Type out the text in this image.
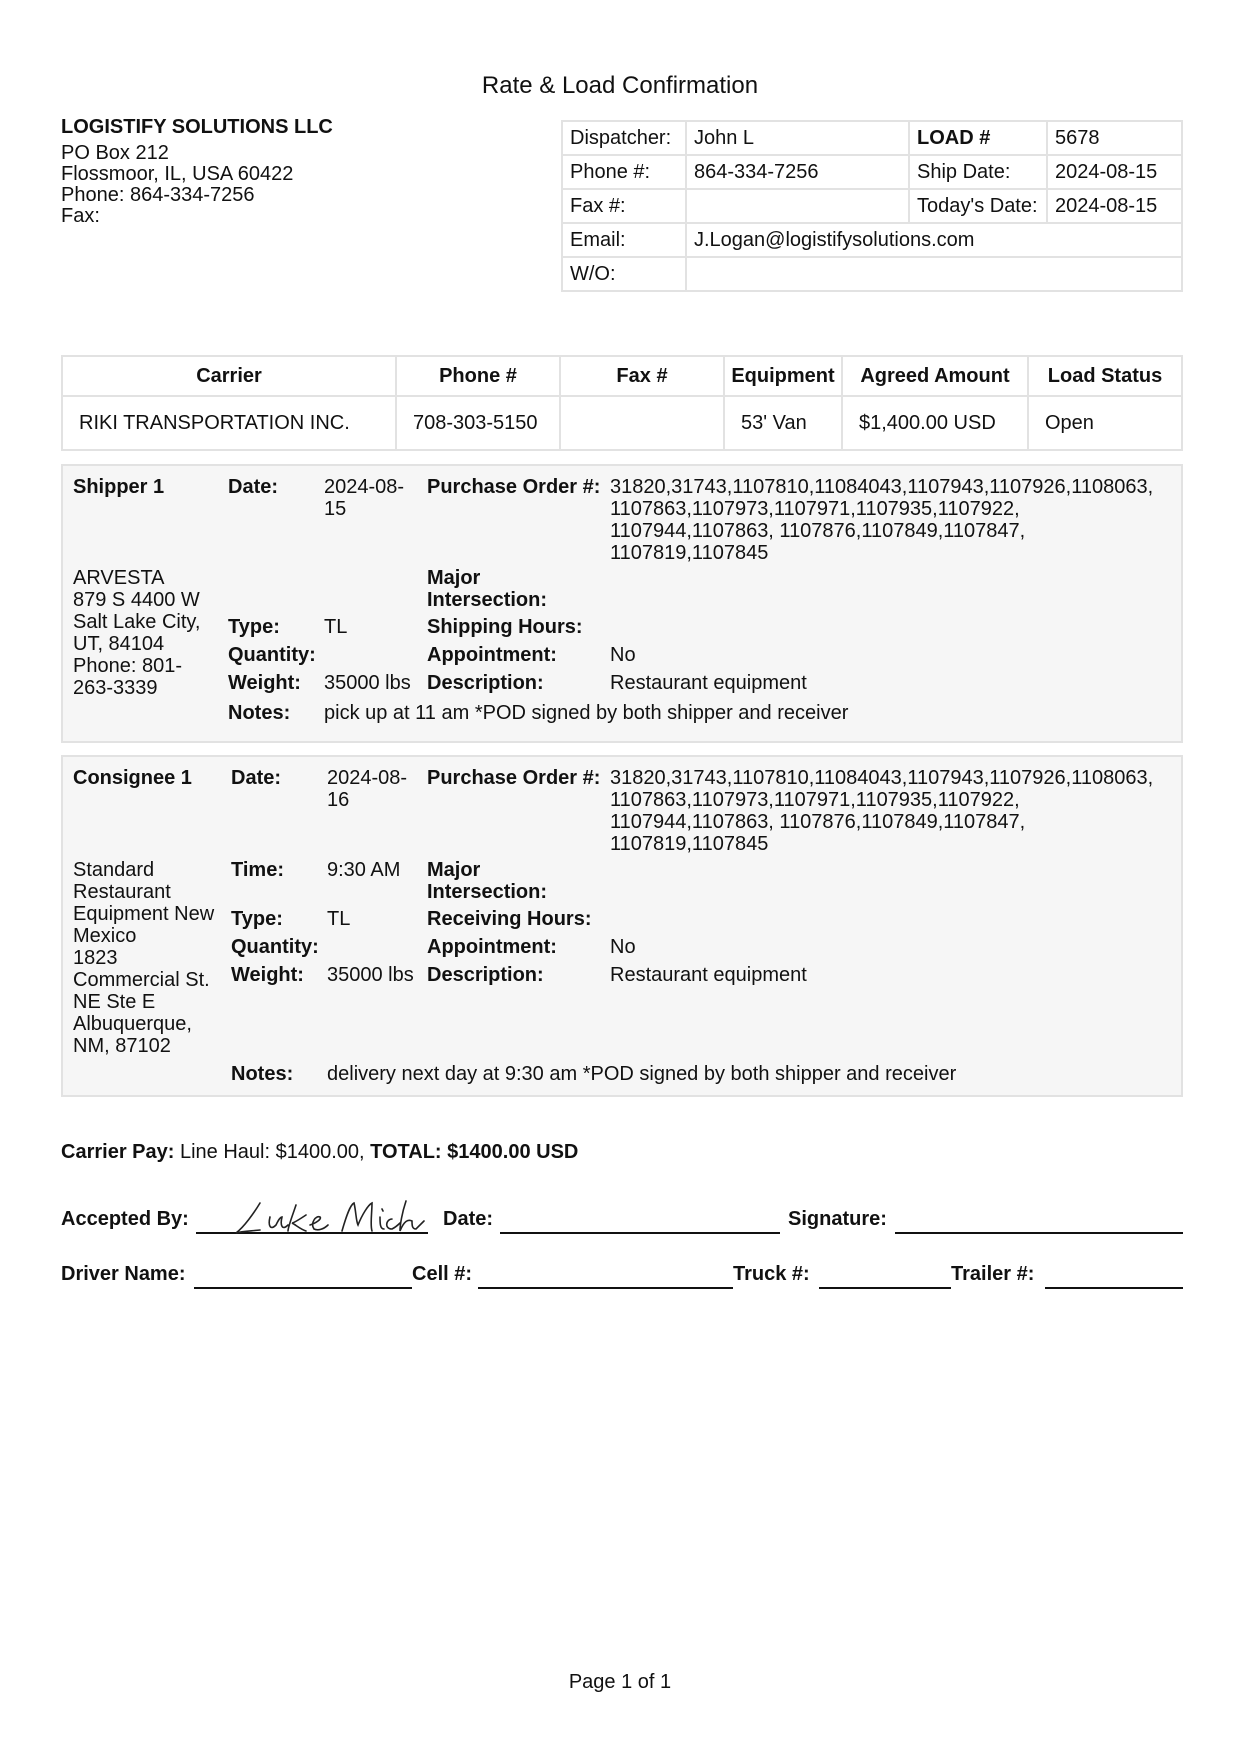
Rate & Load Confirmation
LOGISTIFY SOLUTIONS LLC
PO Box 212
Flossmoor, IL, USA 60422
Phone: 864-334-7256
Fax:
Dispatcher:	John L	LOAD #	5678
Phone #:	864-334-7256	Ship Date:	2024-08-15
Fax #:		Today's Date:	2024-08-15
Email:	J.Logan@logistifysolutions.com		
W/O:			
Carrier	Phone #	Fax #	Equipment	Agreed Amount	Load Status
RIKI TRANSPORTATION INC.	708-303-5150		53' Van	$1,400.00 USD	Open
Shipper 1
ARVESTA
879 S 4400 W
Salt Lake City,
UT, 84104
Phone: 801-
263-3339
Date: 2024-08-
15
Purchase Order #: 31820,31743,1107810,11084043,1107943,1107926,1108063,
1107863,1107973,1107971,1107935,1107922,
1107944,1107863, 1107876,1107849,1107847,
1107819,1107845
Major
Intersection:
Type: TL	Shipping Hours:
Quantity:	Appointment:	No
Weight: 35000 lbs Description:	Restaurant equipment
Notes: pick up at 11 am *POD signed by both shipper and receiver
Consignee 1
Standard
Restaurant
Equipment New
Mexico
1823
Commercial St.
NE Ste E
Albuquerque,
NM, 87102
Date: 2024-08-
16
Purchase Order #: 31820,31743,1107810,11084043,1107943,1107926,1108063,
1107863,1107973,1107971,1107935,1107922,
1107944,1107863, 1107876,1107849,1107847,
1107819,1107845
Time: 9:30 AM Major
Intersection:
Type: TL	Receiving Hours:
Quantity:	Appointment:	No
Weight: 35000 lbs Description:	Restaurant equipment
Notes: delivery next day at 9:30 am *POD signed by both shipper and receiver
Carrier Pay: Line Haul: $1400.00, TOTAL: $1400.00 USD
Accepted By:	Date:	Signature:
Driver Name:	Cell #:	Truck #:	Trailer #:
Page 1 of 1
